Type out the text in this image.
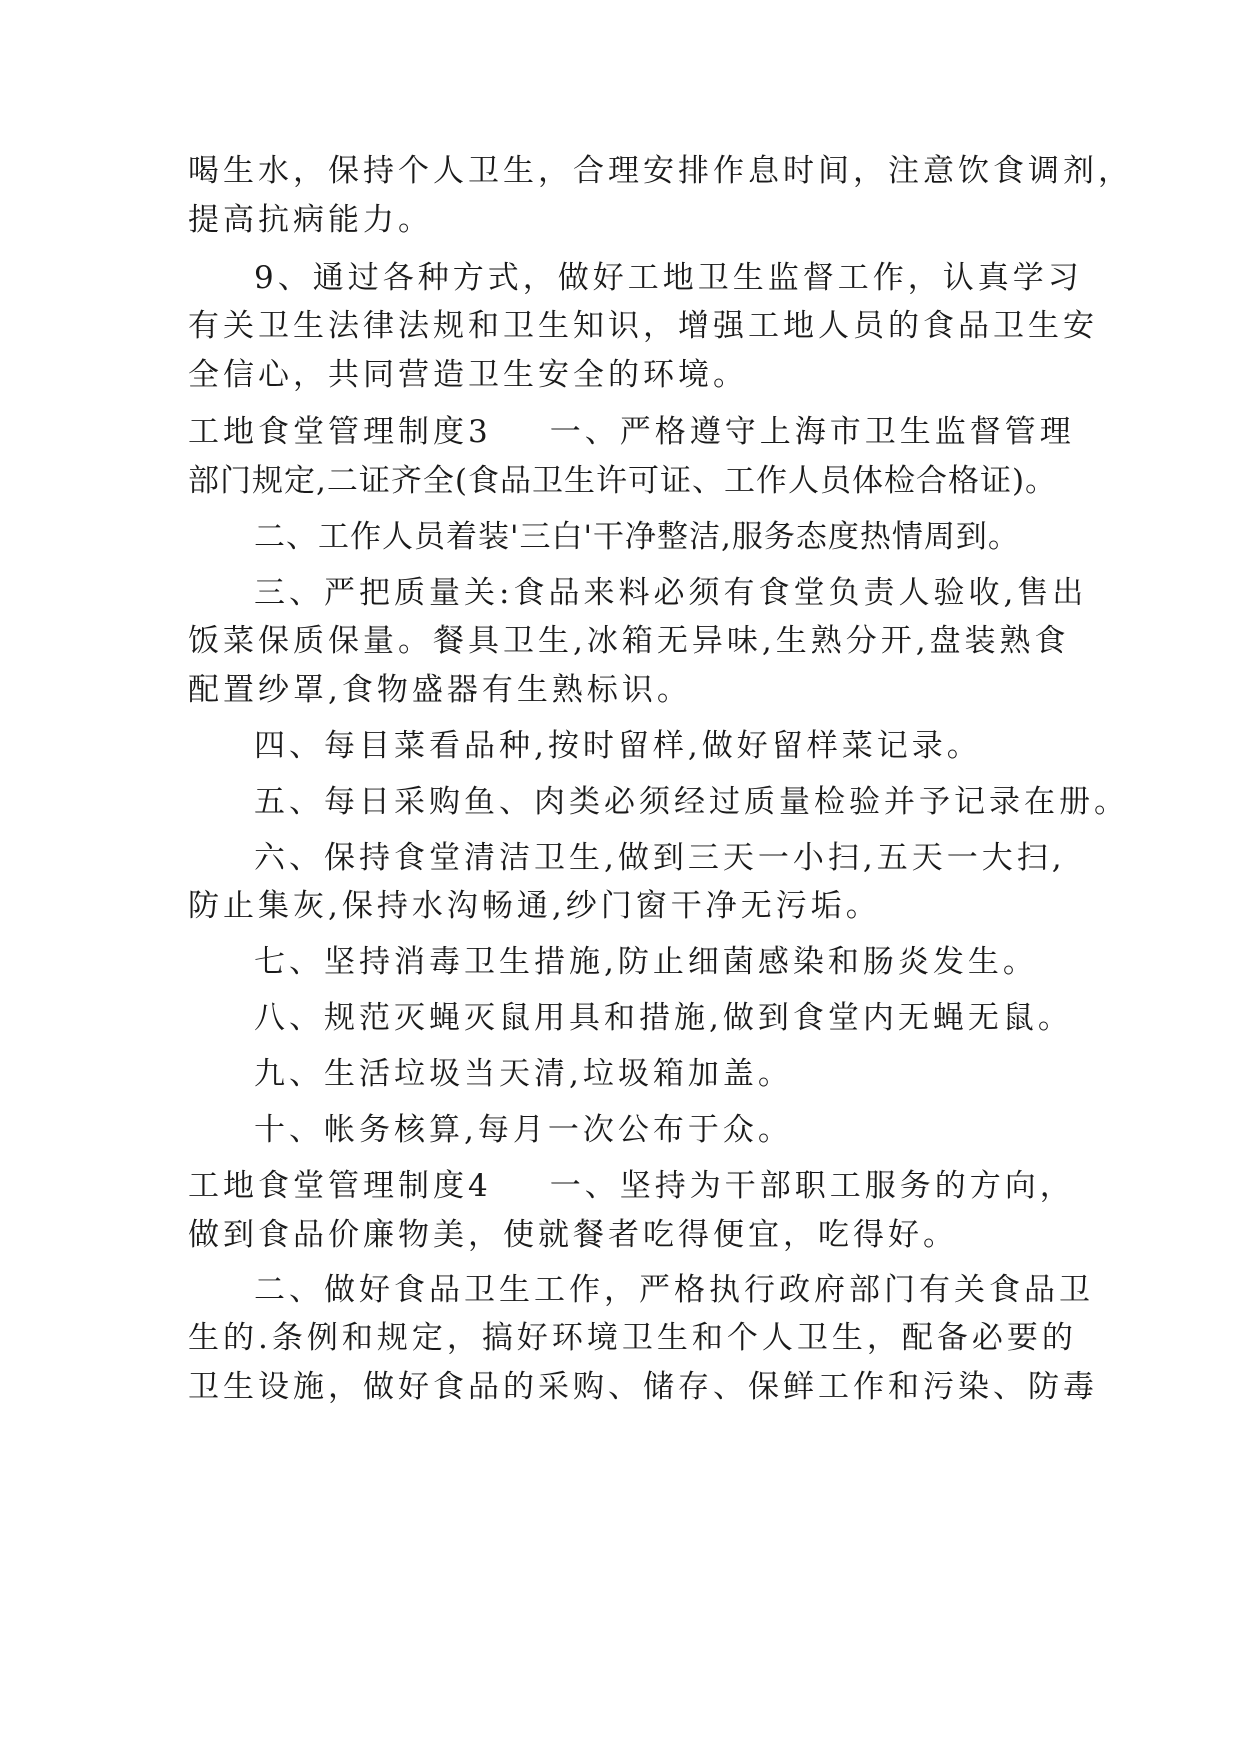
喝生水，保持个人卫生，合理安排作息时间，注意饮食调剂，
提高抗病能力。
9、通过各种方式，做好工地卫生监督工作，认真学习
有关卫生法律法规和卫生知识，增强工地人员的食品卫生安
全信心，共同营造卫生安全的环境。
工地食堂管理制度3 一、严格遵守上海市卫生监督管理
部门规定,二证齐全(食品卫生许可证、工作人员体检合格证)。
二、工作人员着装'三白'干净整洁,服务态度热情周到。
三、严把质量关:食品来料必须有食堂负责人验收,售出
饭菜保质保量。餐具卫生,冰箱无异味,生熟分开,盘装熟食
配置纱罩,食物盛器有生熟标识。
四、每目菜看品种,按时留样,做好留样菜记录。
五、每日采购鱼、肉类必须经过质量检验并予记录在册。
六、保持食堂清洁卫生,做到三天一小扫,五天一大扫,
防止集灰,保持水沟畅通,纱门窗干净无污垢。
七、坚持消毒卫生措施,防止细菌感染和肠炎发生。
八、规范灭蝇灭鼠用具和措施,做到食堂内无蝇无鼠。
九、生活垃圾当天清,垃圾箱加盖。
十、帐务核算,每月一次公布于众。
工地食堂管理制度4 一、坚持为干部职工服务的方向，
做到食品价廉物美，使就餐者吃得便宜，吃得好。
二、做好食品卫生工作，严格执行政府部门有关食品卫
生的.条例和规定，搞好环境卫生和个人卫生，配备必要的
卫生设施，做好食品的采购、储存、保鲜工作和污染、防毒
